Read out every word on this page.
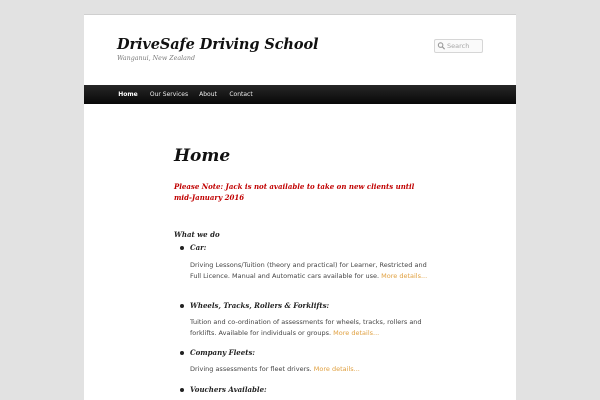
DriveSafe Driving School
Wanganui, New Zealand
Search
Home	Our Services	About	Contact
Home
Please Note: Jack is not available to take on new clients until mid-January 2016
What we do
Car:
Driving Lessons/Tuition (theory and practical) for Learner, Restricted and Full Licence. Manual and Automatic cars available for use. More details...
Wheels, Tracks, Rollers & Forklifts:
Tuition and co-ordination of assessments for wheels, tracks, rollers and forklifts. Available for individuals or groups. More details...
Company Fleets:
Driving assessments for fleet drivers. More details...
Vouchers Available:
